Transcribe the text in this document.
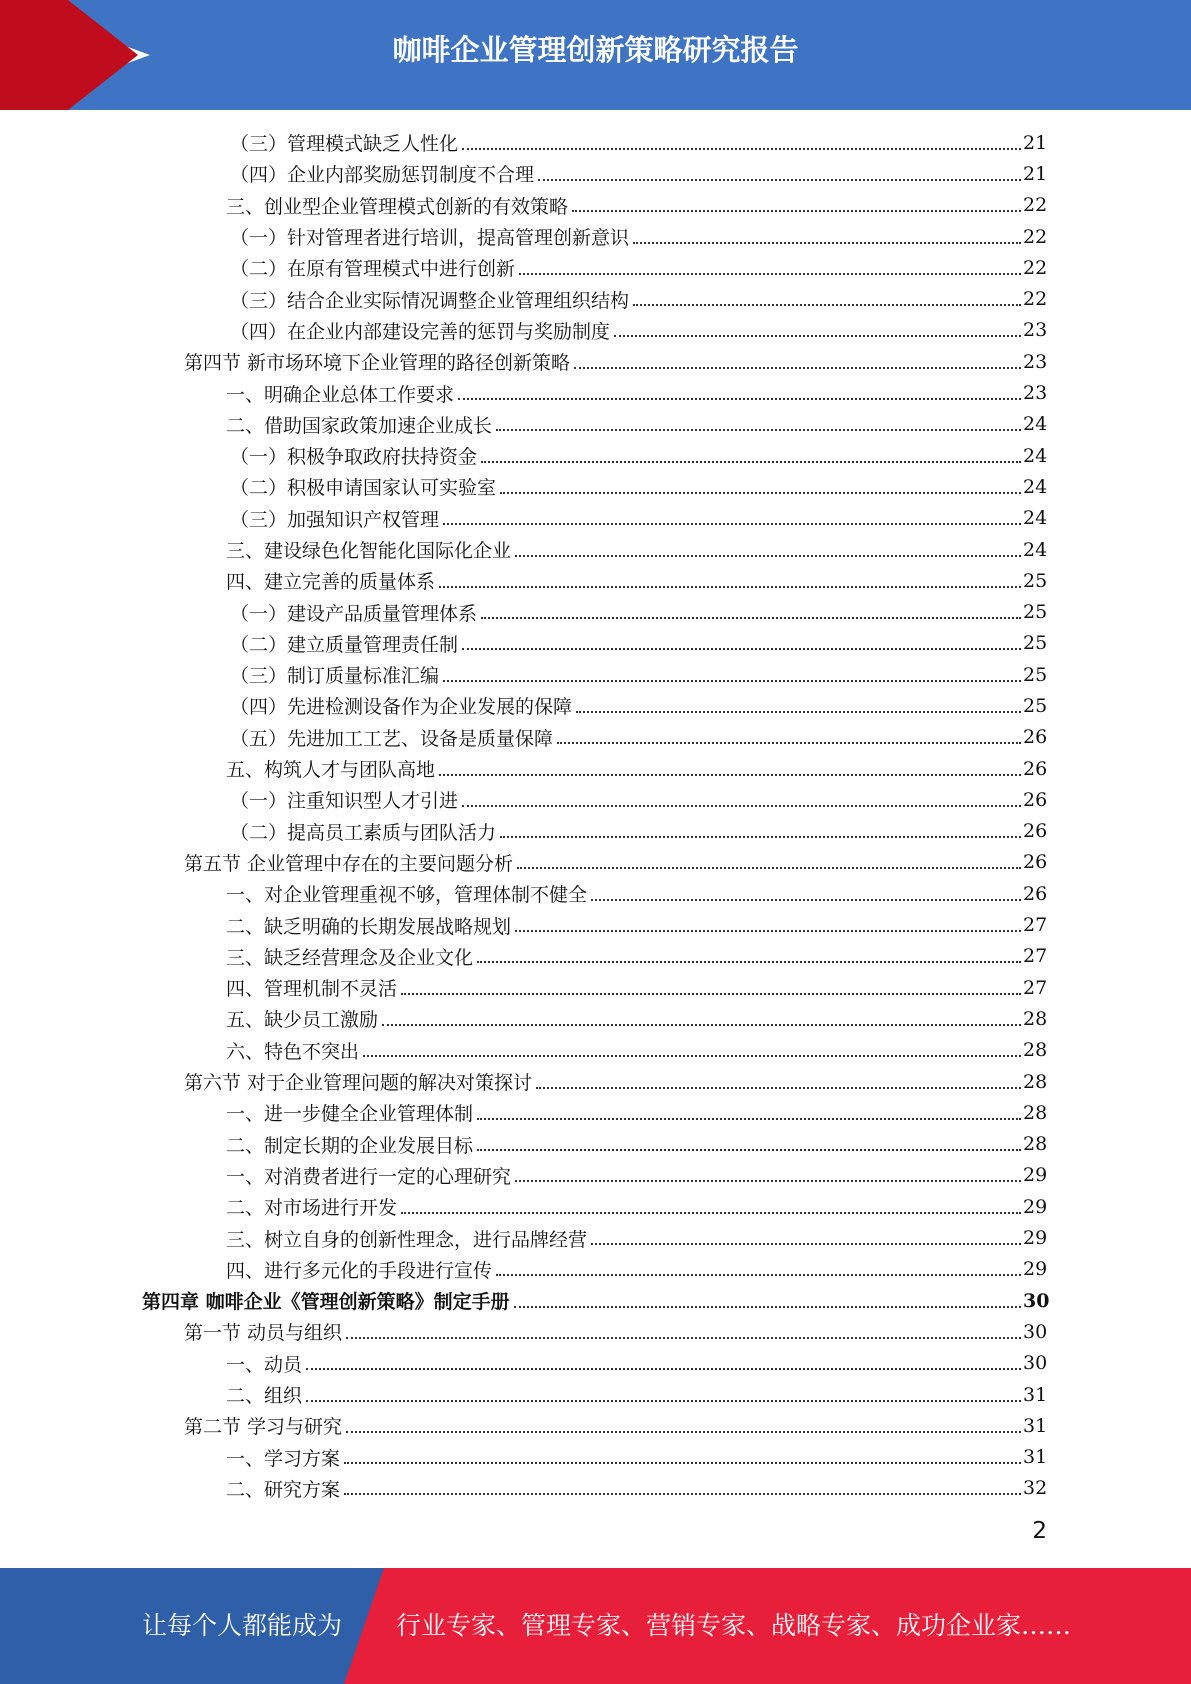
咖啡企业管理创新策略研究报告
（三）管理模式缺乏人性化	21
（四）企业内部奖励惩罚制度不合理	21
三、创业型企业管理模式创新的有效策略	22
（一）针对管理者进行培训，提高管理创新意识	22
（二）在原有管理模式中进行创新	22
（三）结合企业实际情况调整企业管理组织结构	22
（四）在企业内部建设完善的惩罚与奖励制度	23
第四节 新市场环境下企业管理的路径创新策略	23
一、明确企业总体工作要求	23
二、借助国家政策加速企业成长	24
（一）积极争取政府扶持资金	24
（二）积极申请国家认可实验室	24
（三）加强知识产权管理	24
三、建设绿色化智能化国际化企业	24
四、建立完善的质量体系	25
（一）建设产品质量管理体系	25
（二）建立质量管理责任制	25
（三）制订质量标准汇编	25
（四）先进检测设备作为企业发展的保障	25
（五）先进加工工艺、设备是质量保障	26
五、构筑人才与团队高地	26
（一）注重知识型人才引进	26
（二）提高员工素质与团队活力	26
第五节 企业管理中存在的主要问题分析	26
一、对企业管理重视不够，管理体制不健全	26
二、缺乏明确的长期发展战略规划	27
三、缺乏经营理念及企业文化	27
四、管理机制不灵活	27
五、缺少员工激励	28
六、特色不突出	28
第六节 对于企业管理问题的解决对策探讨	28
一、进一步健全企业管理体制	28
二、制定长期的企业发展目标	28
一、对消费者进行一定的心理研究	29
二、对市场进行开发	29
三、树立自身的创新性理念，进行品牌经营	29
四、进行多元化的手段进行宣传	29
第四章 咖啡企业《管理创新策略》制定手册	30
第一节 动员与组织	30
一、动员	30
二、组织	31
第二节 学习与研究	31
一、学习方案	31
二、研究方案	32
2
让每个人都能成为 行业专家、管理专家、营销专家、战略专家、成功企业家……
